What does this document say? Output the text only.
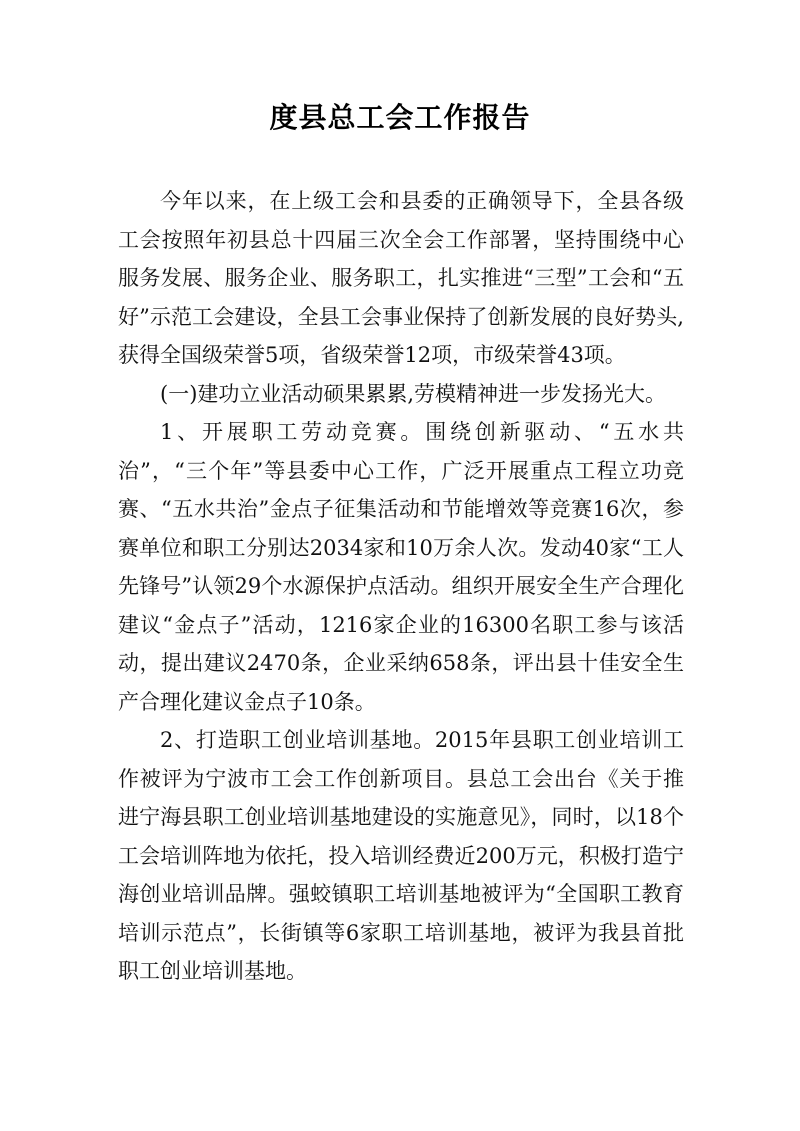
度县总工会工作报告

今年以来，在上级工会和县委的正确领导下，全县各级工会按照年初县总十四届三次全会工作部署，坚持围绕中心服务发展、服务企业、服务职工，扎实推进“三型”工会和“五好”示范工会建设，全县工会事业保持了创新发展的良好势头,获得全国级荣誉5项，省级荣誉12项，市级荣誉43项。

(一)建功立业活动硕果累累,劳模精神进一步发扬光大。

1、开展职工劳动竞赛。围绕创新驱动、“五水共治”，“三个年”等县委中心工作，广泛开展重点工程立功竞赛、“五水共治”金点子征集活动和节能增效等竞赛16次，参赛单位和职工分别达2034家和10万余人次。发动40家“工人先锋号”认领29个水源保护点活动。组织开展安全生产合理化建议“金点子”活动，1216家企业的16300名职工参与该活动，提出建议2470条，企业采纳658条，评出县十佳安全生产合理化建议金点子10条。

2、打造职工创业培训基地。2015年县职工创业培训工作被评为宁波市工会工作创新项目。县总工会出台《关于推进宁海县职工创业培训基地建设的实施意见》，同时，以18个工会培训阵地为依托，投入培训经费近200万元，积极打造宁海创业培训品牌。强蛟镇职工培训基地被评为“全国职工教育培训示范点”，长街镇等6家职工培训基地，被评为我县首批职工创业培训基地。
